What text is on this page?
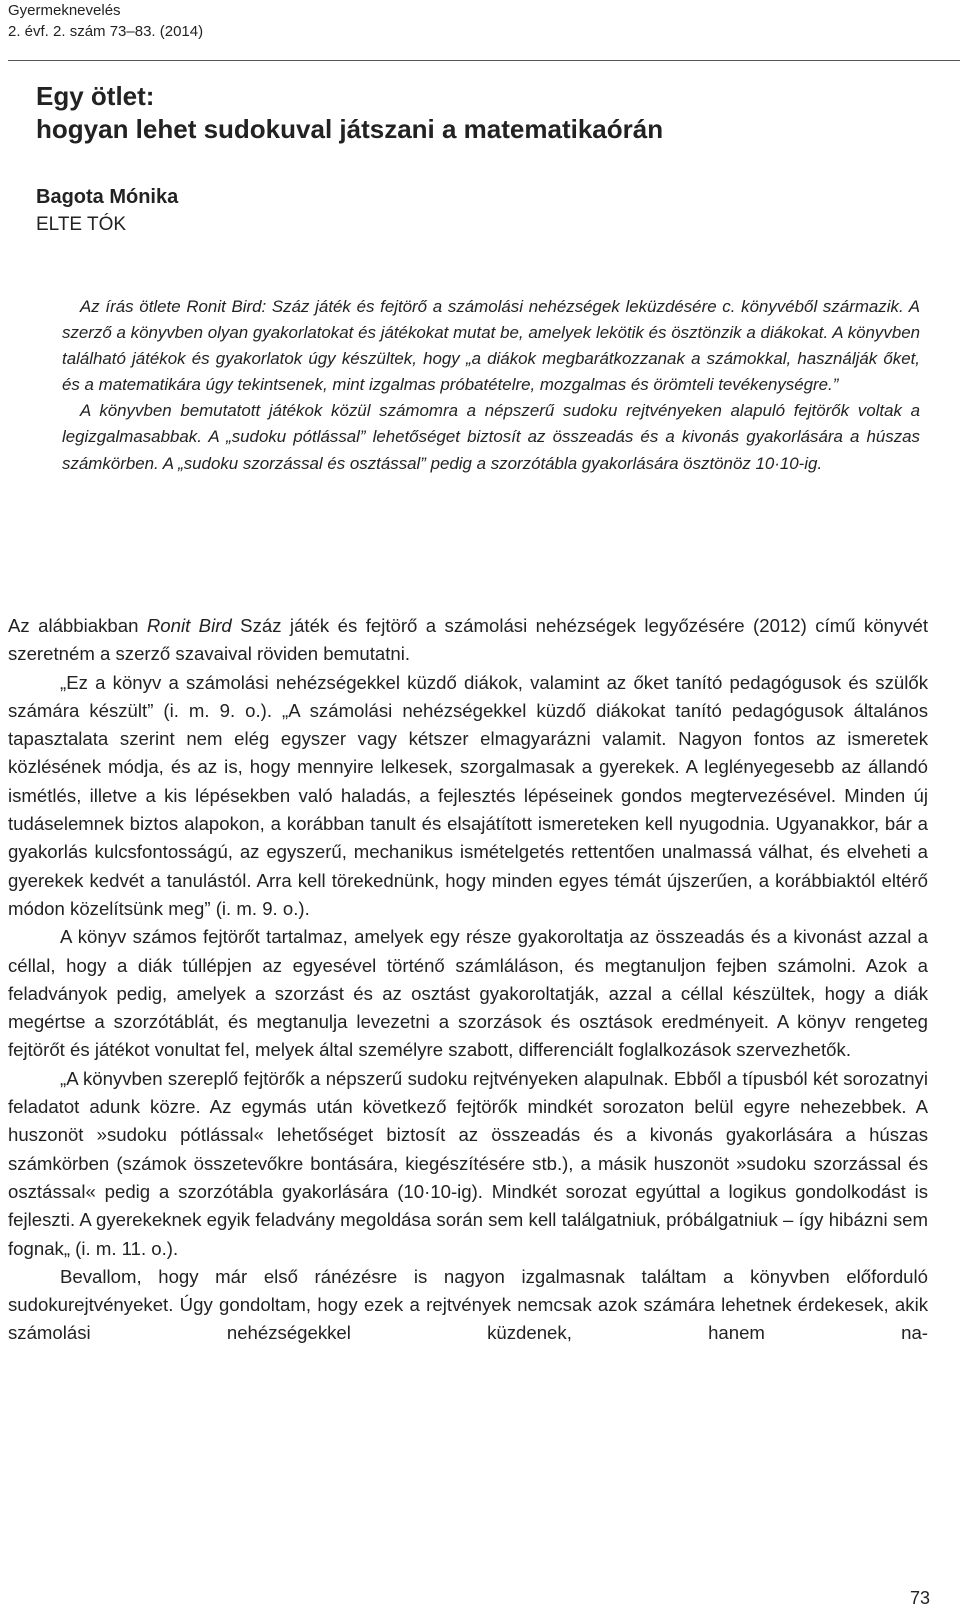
Gyermeknevelés
2. évf. 2. szám 73–83. (2014)
Egy ötlet:
hogyan lehet sudokuval játszani a matematikaórán
Bagota Mónika
ELTE TÓK

Az írás ötlete Ronit Bird: Száz játék és fejtörő a számolási nehézségek leküzdésére c. könyvéből származik. A szerző a könyvben olyan gyakorlatokat és játékokat mutat be, amelyek lekötik és ösztönzik a diákokat. A könyvben található játékok és gyakorlatok úgy készültek, hogy „a diákok megbarátkozzanak a számokkal, használják őket, és a matematikára úgy tekintsenek, mint izgalmas próbatételre, mozgalmas és örömteli tevékenységre.”

A könyvben bemutatott játékok közül számomra a népszerű sudoku rejtvényeken alapuló fejtörők voltak a legizgalmasabbak. A „sudoku pótlással” lehetőséget biztosít az összeadás és a kivonás gyakorlására a húszas számkörben. A „sudoku szorzással és osztással” pedig a szorzótábla gyakorlására ösztönöz 10·10-ig.

Az alábbiakban Ronit Bird Száz játék és fejtörő a számolási nehézségek legyőzésére (2012) című könyvét szeretném a szerző szavaival röviden bemutatni.

„Ez a könyv a számolási nehézségekkel küzdő diákok, valamint az őket tanító pedagógusok és szülők számára készült” (i. m. 9. o.). „A számolási nehézségekkel küzdő diákokat tanító pedagógusok általános tapasztalata szerint nem elég egyszer vagy kétszer elmagyarázni valamit. Nagyon fontos az ismeretek közlésének módja, és az is, hogy mennyire lelkesek, szorgalmasak a gyerekek. A leglényegesebb az állandó ismétlés, illetve a kis lépésekben való haladás, a fejlesztés lépéseinek gondos megtervezésével. Minden új tudáselemnek biztos alapokon, a korábban tanult és elsajátított ismereteken kell nyugodnia. Ugyanakkor, bár a gyakorlás kulcsfontosságú, az egyszerű, mechanikus ismételgetés rettentően unalmassá válhat, és elveheti a gyerekek kedvét a tanulástól. Arra kell törekednünk, hogy minden egyes témát újszerűen, a korábbiaktól eltérő módon közelítsünk meg” (i. m. 9. o.).

A könyv számos fejtörőt tartalmaz, amelyek egy része gyakoroltatja az összeadás és a kivonást azzal a céllal, hogy a diák túllépjen az egyesével történő számláláson, és megtanuljon fejben számolni. Azok a feladványok pedig, amelyek a szorzást és az osztást gyakoroltatják, azzal a céllal készültek, hogy a diák megértse a szorzótáblát, és megtanulja levezetni a szorzások és osztások eredményeit. A könyv rengeteg fejtörőt és játékot vonultat fel, melyek által személyre szabott, differenciált foglalkozások szervezhetők.

„A könyvben szereplő fejtörők a népszerű sudoku rejtvényeken alapulnak. Ebből a típusból két sorozatnyi feladatot adunk közre. Az egymás után következő fejtörők mindkét sorozaton belül egyre nehezebbek. A huszonöt »sudoku pótlással« lehetőséget biztosít az összeadás és a kivonás gyakorlására a húszas számkörben (számok összetevőkre bontására, kiegészítésére stb.), a másik huszonöt »sudoku szorzással és osztással« pedig a szorzótábla gyakorlására (10·10-ig). Mindkét sorozat egyúttal a logikus gondolkodást is fejleszti. A gyerekeknek egyik feladvány megoldása során sem kell találgatniuk, próbálgatniuk – így hibázni sem fognak„ (i. m. 11. o.).

Bevallom, hogy már első ránézésre is nagyon izgalmasnak találtam a könyvben előforduló sudokurejtvényeket. Úgy gondoltam, hogy ezek a rejtvények nemcsak azok számára lehetnek érdekesek, akik számolási nehézségekkel küzdenek, hanem na-

73
